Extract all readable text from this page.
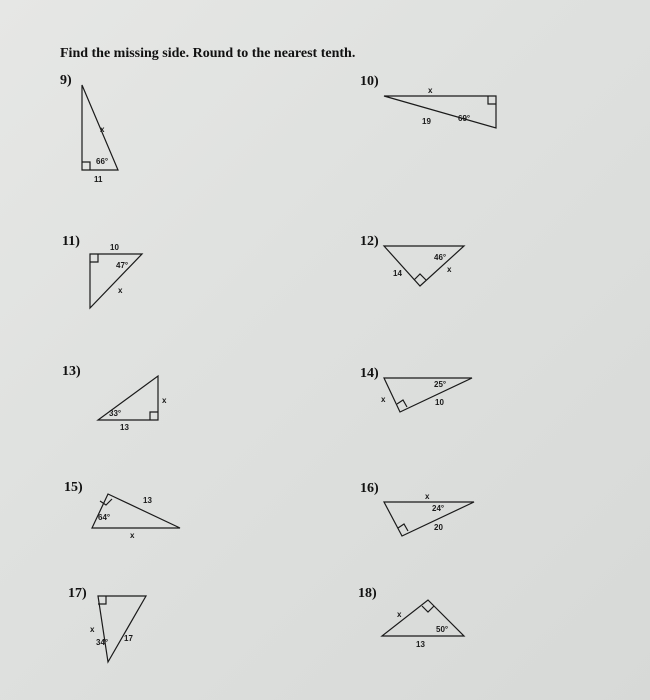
Find the missing side. Round to the nearest tenth.
9)	10)
11)	12)
13)	14)
15)	16)
17)	18)
x
66°
11
x
19	69°
10
47°
x
46°
14	x
33°
13
x
25°
10
x
64°
13
x
x
24°
20
x
34° 17
x
50°
13
